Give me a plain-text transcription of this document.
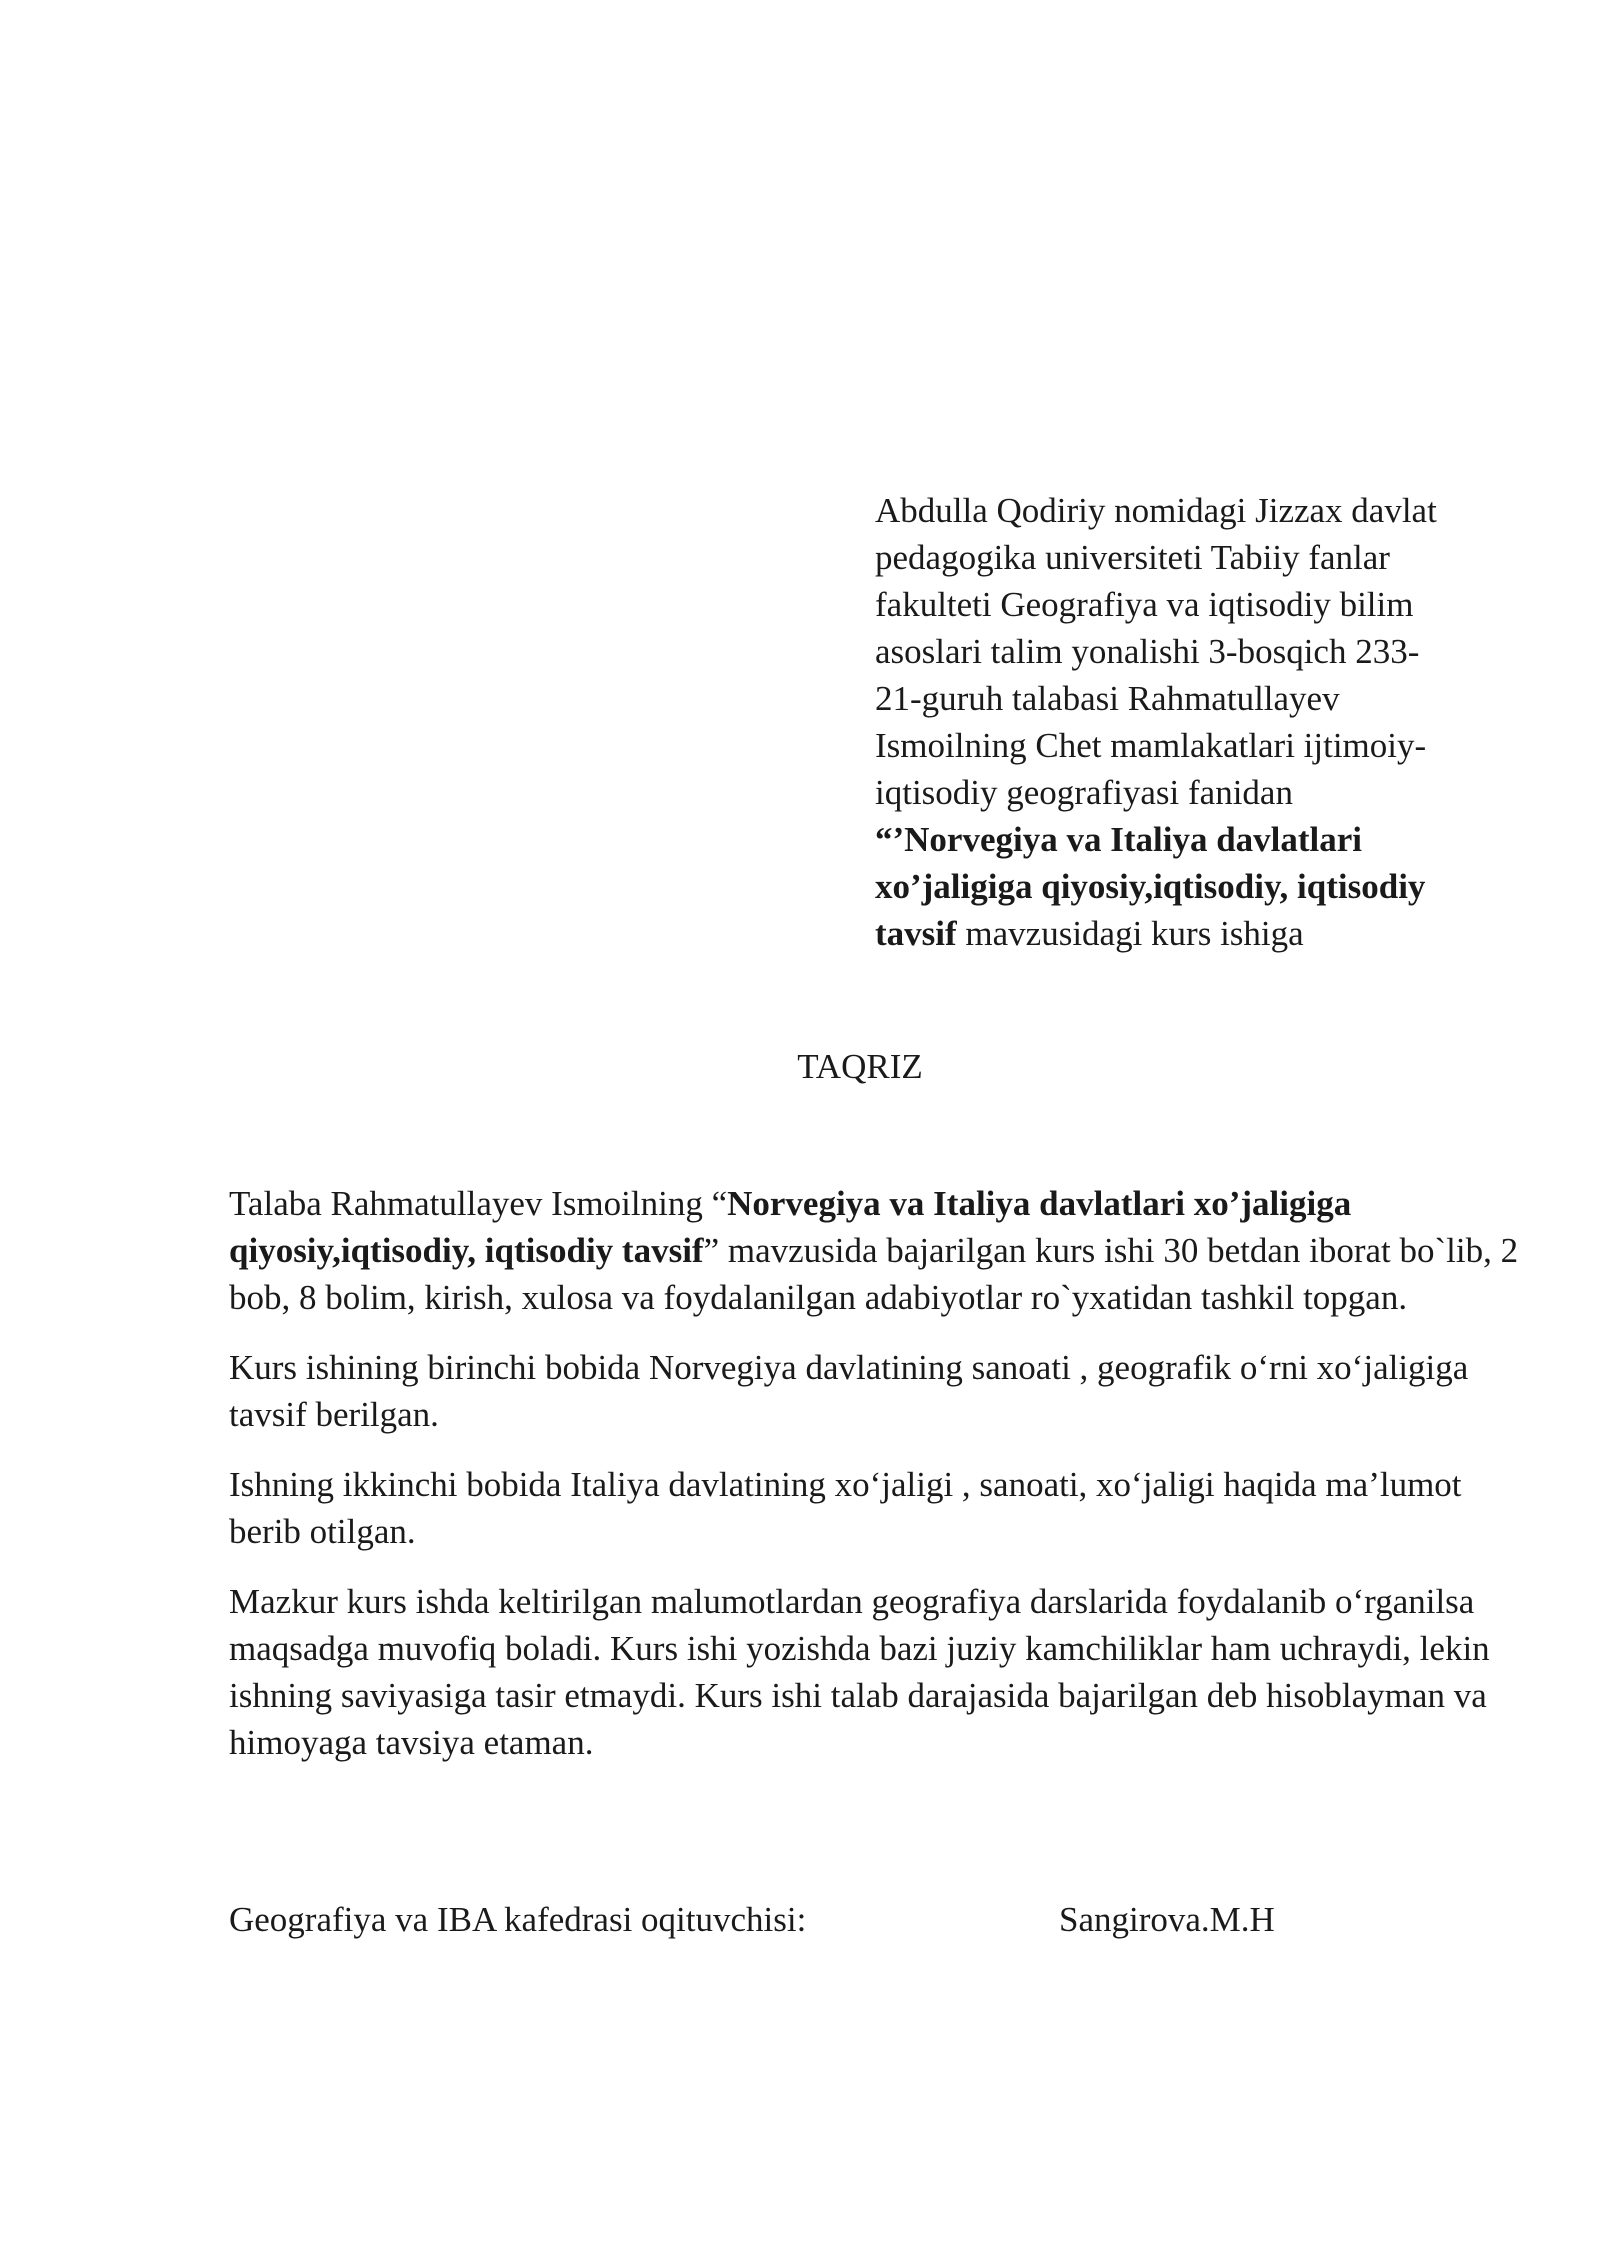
Abdulla Qodiriy nomidagi Jizzax davlat

pedagogika universiteti Tabiiy fanlar

fakulteti Geografiya va iqtisodiy bilim

asoslari talim yonalishi 3-bosqich 233-

21-guruh talabasi Rahmatullayev

Ismoilning Chet mamlakatlari ijtimoiy-

iqtisodiy geografiyasi fanidan

“’Norvegiya va Italiya davlatlari

xo’jaligiga qiyosiy,iqtisodiy, iqtisodiy

tavsif mavzusidagi kurs ishiga

TAQRIZ

Talaba Rahmatullayev Ismoilning “Norvegiya va Italiya davlatlari xo’jaligiga qiyosiy,iqtisodiy, iqtisodiy tavsif” mavzusida bajarilgan kurs ishi 30 betdan iborat bo`lib, 2 bob, 8 bolim, kirish, xulosa va foydalanilgan adabiyotlar ro`yxatidan tashkil topgan.

Kurs ishining birinchi bobida Norvegiya davlatining sanoati , geografik o‘rni xo‘jaligiga tavsif berilgan.

Ishning ikkinchi bobida Italiya davlatining xo‘jaligi , sanoati, xo‘jaligi haqida ma’lumot berib otilgan.

Mazkur kurs ishda keltirilgan malumotlardan geografiya darslarida foydalanib o‘rganilsa maqsadga muvofiq boladi. Kurs ishi yozishda bazi juziy kamchiliklar ham uchraydi, lekin ishning saviyasiga tasir etmaydi. Kurs ishi talab darajasida bajarilgan deb hisoblayman va himoyaga tavsiya etaman.

Geografiya va IBA kafedrasi oqituvchisi:	Sangirova.M.H
